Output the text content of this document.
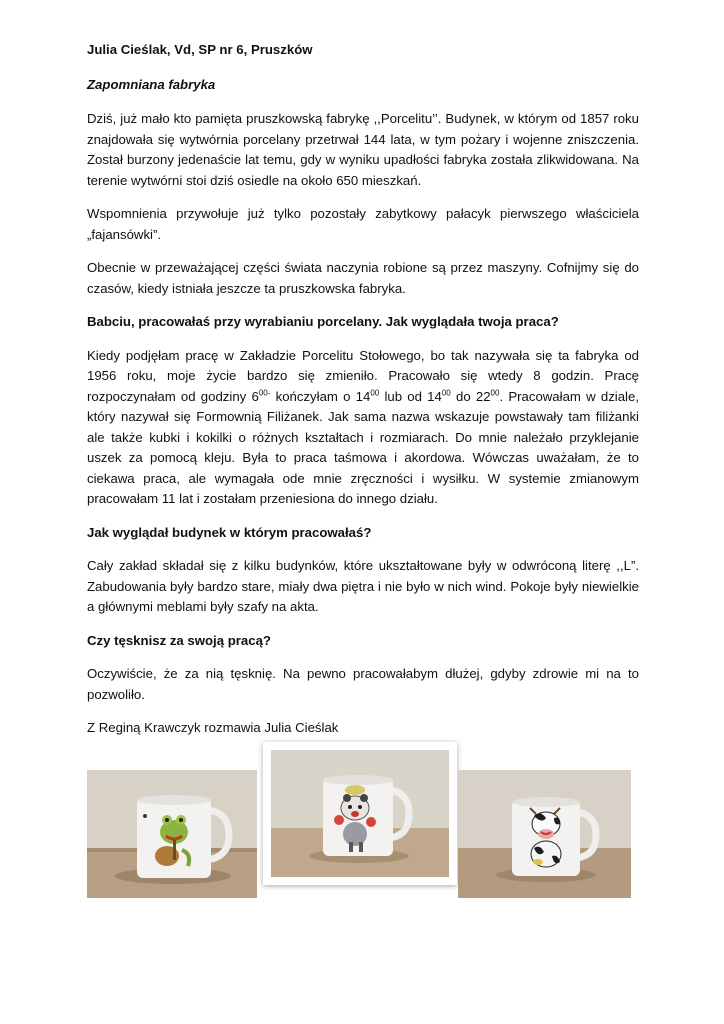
Julia Cieślak, Vd, SP nr 6, Pruszków

Zapomniana fabryka

Dziś, już mało kto pamięta pruszkowską fabrykę ,,Porcelitu’’. Budynek, w którym od 1857 roku znajdowała się wytwórnia porcelany przetrwał 144 lata, w tym pożary i wojenne zniszczenia. Został burzony jedenaście lat temu, gdy w wyniku upadłości fabryka została zlikwidowana. Na terenie wytwórni stoi dziś osiedle na około 650 mieszkań.

Wspomnienia przywołuje już tylko pozostały zabytkowy pałacyk pierwszego właściciela „fajansówki”.

Obecnie w przeważającej części świata naczynia robione są przez maszyny. Cofnijmy się do czasów, kiedy istniała jeszcze ta pruszkowska fabryka.

Babciu, pracowałaś przy wyrabianiu porcelany. Jak wyglądała twoja praca?

Kiedy podjęłam pracę w Zakładzie Porcelitu Stołowego, bo tak nazywała się ta fabryka od 1956 roku, moje życie bardzo się zmieniło. Pracowało się wtedy 8 godzin. Pracę rozpoczynałam od godziny $6^{00-}$ kończyłam o $14^{00}$ lub od $14^{00}$ do $22^{00}$. Pracowałam w dziale, który nazywał się Formownią Filiżanek. Jak sama nazwa wskazuje powstawały tam filiżanki ale także kubki i kokilki o różnych kształtach i rozmiarach. Do mnie należało przyklejanie uszek za pomocą kleju. Była to praca taśmowa i akordowa. Wówczas uważałam, że to ciekawa praca, ale wymagała ode mnie zręczności i wysiłku. W systemie zmianowym pracowałam 11 lat i zostałam przeniesiona do innego działu.

Jak wyglądał budynek w którym pracowałaś?

Cały zakład składał się z kilku budynków, które ukształtowane były w odwróconą literę ,,L”. Zabudowania były bardzo stare, miały dwa piętra i nie było w nich wind. Pokoje były niewielkie a głównymi meblami były szafy na akta.

Czy tęsknisz za swoją pracą?

Oczywiście, że za nią tęsknię. Na pewno pracowałabym dłużej, gdyby zdrowie mi na to pozwoliło.

Z Reginą Krawczyk rozmawia Julia Cieślak
